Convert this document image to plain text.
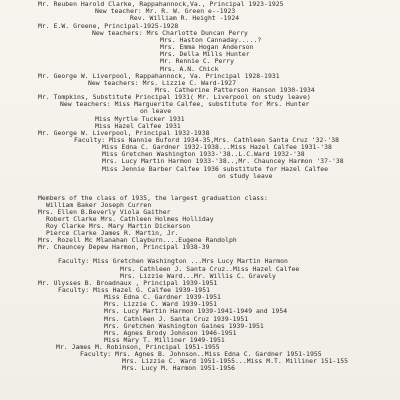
Mr. Reuben Harold Clarke, Rappahannock,Va., Principal 1923-1925
New teacher: Mr. R. W. Green e--1923
Rev. William R. Height -1924
Mr. E.W. Greene, Principal-1925-1928
New teachers: Mrs Charlotte Duncan Perry
Mrs. Haston Cannaday.....?
Mrs. Emma Hogan Anderson
Mrs. Della Mills Hunter
Mr. Rennie C. Perry
Mrs. A.N. Chick
Mr. George W. Liverpool, Rappahannock, Va. Principal 1928-1931
New teachers: Mrs. Lizzie C. Ward-1927
Mrs. Catherine Patterson Hanson 1930-1934
Mr. Tompkins, Substitute Principal 1931( Mr. Liverpool on study leave)
New teachers: Miss Marguerite Calfee, substitute for Mrs. Hunter
on leave
Miss Myrtle Tucker 1931
Miss Hazel Calfee 1931
Mr. George W. Liverpool, Principal 1932-1938
Faculty: Miss Nannie Buford 1934-35,Mrs. Cathleen Santa Cruz '32-'38
Miss Edna C. Gardner 1932-1938...Miss Hazel Calfee 1931-'38
Miss Gretchen Washington 1933-'38..L.C.Ward 1932-'38
Mrs. Lucy Martin Harmon 1933-'38..,Mr. Chauncey Harmon '37-'38
Miss Jennie Barber Calfee 1936 substitute for Hazel Calfee
on study leave
Members of the class of 1935, the largest graduation class:
William Baker Joseph Curren
Mrs. Ellen B.Beverly Viola Gaither
Robert Clarke Mrs. Cathleen Holmes Holliday
Roy Clarke Mrs. Mary Martin Dickerson
Pierce Clarke James R. Martin, Jr.
Mrs. Rozell Mc Mlanahan Clayburn....Eugene Randolph
Mr. Chauncey Depew Harmon, Principal 1938-39
Faculty: Miss Gretchen Washington ...Mrs Lucy Martin Harmon
Mrs. Cathleen J. Santa Cruz..Miss Hazel Calfee
Mrs. Lizzie Ward...Mr. Willis C. Gravely
Mr. Ulysses B. Broadnaux , Principal 1939-1951
Faculty: Miss Hazel G. Calfee 1939-1951
Miss Edna C. Gardner 1939-1951
Mrs. Lizzie C. Ward 1939-1951
Mrs. Lucy Martin Harmon 1939-1941-1949 and 1954
Mrs. Cathleen J. Santa Cruz 1939-1951
Mrs. Gretchen Washington Gaines 1939-1951
Mrs. Agnes Brody Johnson 1946-1951
Miss Mary T. Milliner 1949-1951
Mr. James M. Robinson, Principal 1951-1955
Faculty: Mrs. Agnes B. Johnson..Miss Edna C. Gardner 1951-1955
Mrs. Lizzie C. Ward 1951-1955...Miss M.T. Milliner 151-155
Mrs. Lucy M. Harmon 1951-1956
